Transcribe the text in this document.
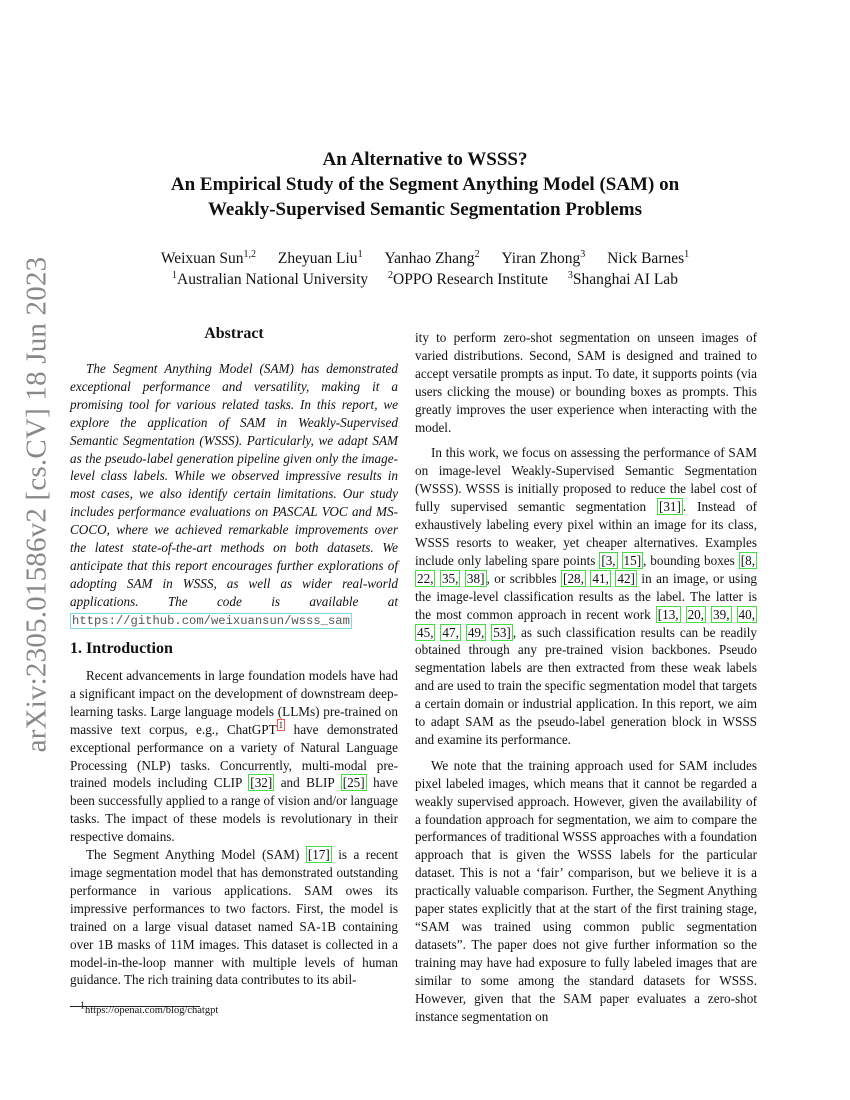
arXiv:2305.01586v2 [cs.CV] 18 Jun 2023
An Alternative to WSSS?
An Empirical Study of the Segment Anything Model (SAM) on
Weakly-Supervised Semantic Segmentation Problems
Weixuan Sun$^{1,2}$ Zheyuan Liu$^1$ Yanhao Zhang$^2$ Yiran Zhong$^3$ Nick Barnes$^1$
$^1$Australian National University $^2$OPPO Research Institute $^3$Shanghai AI Lab
Abstract

The Segment Anything Model (SAM) has demonstrated exceptional performance and versatility, making it a promising tool for various related tasks. In this report, we explore the application of SAM in Weakly-Supervised Semantic Segmentation (WSSS). Particularly, we adapt SAM as the pseudo-label generation pipeline given only the image-level class labels. While we observed impressive results in most cases, we also identify certain limitations. Our study includes performance evaluations on PASCAL VOC and MS-COCO, where we achieved remarkable improvements over the latest state-of-the-art methods on both datasets. We anticipate that this report encourages further explorations of adopting SAM in WSSS, as well as wider real-world applications. The code is available at https://github.com/weixuansun/wsss_sam

1. Introduction

Recent advancements in large foundation models have had a significant impact on the development of downstream deep-learning tasks. Large language models (LLMs) pre-trained on massive text corpus, e.g., ChatGPT $^1$ have demonstrated exceptional performance on a variety of Natural Language Processing (NLP) tasks. Concurrently, multi-modal pre-trained models including CLIP [32] and BLIP [25] have been successfully applied to a range of vision and/or language tasks. The impact of these models is revolutionary in their respective domains.

The Segment Anything Model (SAM) [17] is a recent image segmentation model that has demonstrated outstanding performance in various applications. SAM owes its impressive performances to two factors. First, the model is trained on a large visual dataset named SA-1B containing over 1B masks of 11M images. This dataset is collected in a model-in-the-loop manner with multiple levels of human guidance. The rich training data contributes to its abil-

ity to perform zero-shot segmentation on unseen images of varied distributions. Second, SAM is designed and trained to accept versatile prompts as input. To date, it supports points (via users clicking the mouse) or bounding boxes as prompts. This greatly improves the user experience when interacting with the model.

In this work, we focus on assessing the performance of SAM on image-level Weakly-Supervised Semantic Segmentation (WSSS). WSSS is initially proposed to reduce the label cost of fully supervised semantic segmentation [31] . Instead of exhaustively labeling every pixel within an image for its class, WSSS resorts to weaker, yet cheaper alternatives. Examples include only labeling spare points [3, 15] , bounding boxes [8, 22, 35, 38] , or scribbles [28, 41, 42] in an image, or using the image-level classification results as the label. The latter is the most common approach in recent work [13, 20, 39, 40, 45, 47, 49, 53] , as such classification results can be readily obtained through any pre-trained vision backbones. Pseudo segmentation labels are then extracted from these weak labels and are used to train the specific segmentation model that targets a certain domain or industrial application. In this report, we aim to adapt SAM as the pseudo-label generation block in WSSS and examine its performance.

We note that the training approach used for SAM includes pixel labeled images, which means that it cannot be regarded a weakly supervised approach. However, given the availability of a foundation approach for segmentation, we aim to compare the performances of traditional WSSS approaches with a foundation approach that is given the WSSS labels for the particular dataset. This is not a ‘fair’ comparison, but we believe it is a practically valuable comparison. Further, the Segment Anything paper states explicitly that at the start of the first training stage, “SAM was trained using common public segmentation datasets”. The paper does not give further information so the training may have had exposure to fully labeled images that are similar to some among the standard datasets for WSSS. However, given that the SAM paper evaluates a zero-shot instance segmentation on

$^1$https://openai.com/blog/chatgpt
